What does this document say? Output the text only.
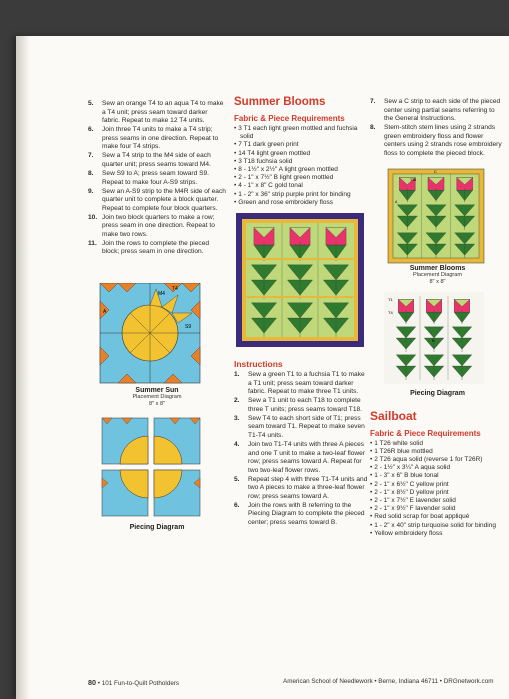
5. Sew an orange T4 to an aqua T4 to make a T4 unit; press seam toward darker fabric. Repeat to make 12 T4 units.
6. Join three T4 units to make a T4 strip; press seams in one direction. Repeat to make four T4 strips.
7. Sew a T4 strip to the M4 side of each quarter unit; press seams toward M4.
8. Sew S9 to A; press seam toward S9. Repeat to make four A-S9 strips.
9. Sew an A-S9 strip to the M4R side of each quarter unit to complete a block quarter. Repeat to complete four block quarters.
10. Join two block quarters to make a row; press seam in one direction. Repeat to make two rows.
11. Join the rows to complete the pieced block; press seam in one direction.
M4
T4
A
S9
Summer Sun
Placement Diagram
8" x 8"
Piecing Diagram
Summer Blooms
Fabric & Piece Requirements
• 3 T1 each light green mottled and fuchsia solid
• 7 T1 dark green print
• 14 T4 light green mottled
• 3 T18 fuchsia solid
• 8 - 1½" x 2½" A light green mottled
• 2 - 1" x 7½" B light green mottled
• 4 - 1" x 8" C gold tonal
• 1 - 2" x 36" strip purple print for binding
• Green and rose embroidery floss
Instructions
1. Sew a green T1 to a fuchsia T1 to make a T1 unit; press seam toward darker fabric. Repeat to make three T1 units.
2. Sew a T1 unit to each T18 to complete three T units; press seams toward T18.
3. Sew T4 to each short side of T1; press seam toward T1. Repeat to make seven T1-T4 units.
4. Join two T1-T4 units with three A pieces and one T unit to make a two-leaf flower row; press seams toward A. Repeat for two two-leaf flower rows.
5. Repeat step 4 with three T1-T4 units and two A pieces to make a three-leaf flower row; press seams toward A.
6. Join the rows with B referring to the Piecing Diagram to complete the pieced center; press seams toward B.
7. Sew a C strip to each side of the pieced center using partial seams referring to the General Instructions.
8. Stem-stitch stem lines using 2 strands green embroidery floss and flower centers using 2 strands rose embroidery floss to complete the pieced block.
C
T18
A
Summer Blooms
Placement Diagram
8" x 8"
T1
T4
B
Piecing Diagram
Sailboat
Fabric & Piece Requirements
• 1 T26 white solid
• 1 T26R blue mottled
• 2 T26 aqua solid (reverse 1 for T26R)
• 2 - 1½" x 3¼" A aqua solid
• 1 - 3" x 6" B blue tonal
• 2 - 1" x 6½" C yellow print
• 2 - 1" x 8½" D yellow print
• 2 - 1" x 7½" E lavender solid
• 2 - 1" x 9½" F lavender solid
• Red solid scrap for boat appliqué
• 1 - 2" x 40" strip turquoise solid for binding
• Yellow embroidery floss
80 • 101 Fun-to-Quilt Potholders	American School of Needlework • Berne, Indiana 46711 • DRGnetwork.com
